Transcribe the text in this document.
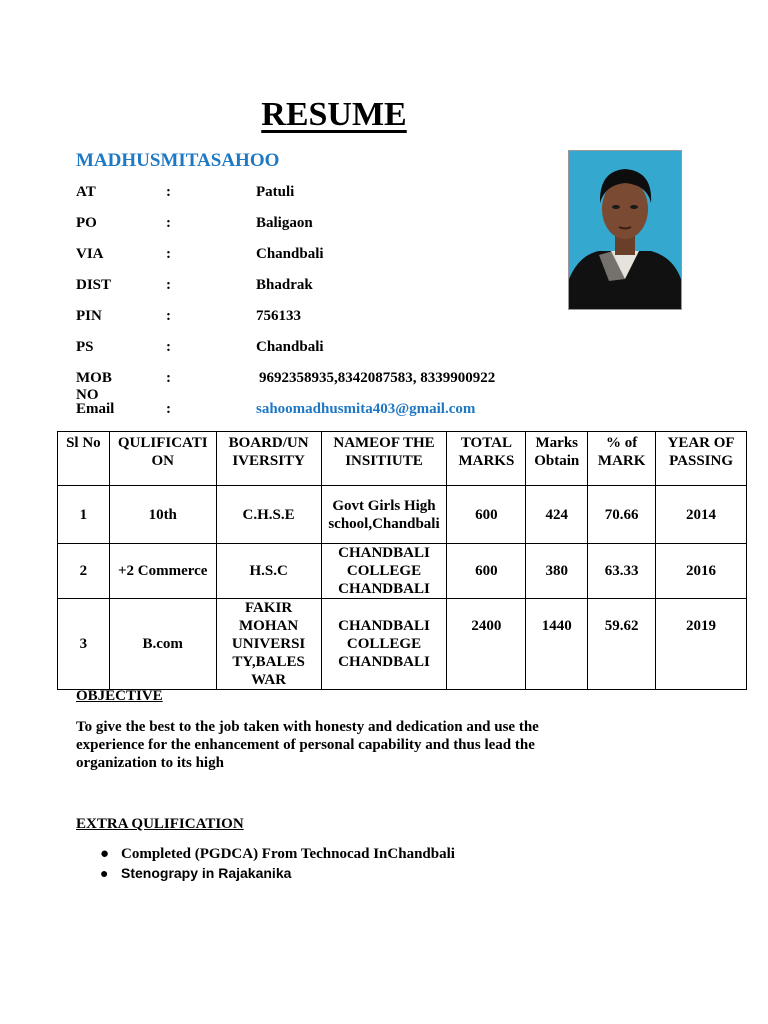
RESUME
MADHUSMITASAHOO
AT	:	Patuli
PO	:	Baligaon
VIA	:	Chandbali
DIST	:	Bhadrak
PIN	:	756133
PS	:	Chandbali
MOB NO
:	9692358935,8342087583, 8339900922
Email	:	sahoomadhusmita403@gmail.com
Sl No	QULIFICATI ON	BOARD/UN IVERSITY	NAMEOF THE INSITIUTE	TOTAL MARKS	Marks Obtain	% of MARK	YEAR OF PASSING
1	10th	C.H.S.E	Govt Girls High school,Chandbali	600	424	70.66	2014
2	+2 Commerce	H.S.C	CHANDBALI COLLEGE CHANDBALI	600	380	63.33	2016
3	B.com	FAKIR MOHAN UNIVERSI TY,BALES WAR	CHANDBALI COLLEGE CHANDBALI	2400	1440	59.62	2019
OBJECTIVE
To give the best to the job taken with honesty and dedication and use the experience for the enhancement of personal capability and thus lead the organization to its high
EXTRA QULIFICATION
● Completed (PGDCA) From Technocad InChandbali
● Stenograpy in Rajakanika
